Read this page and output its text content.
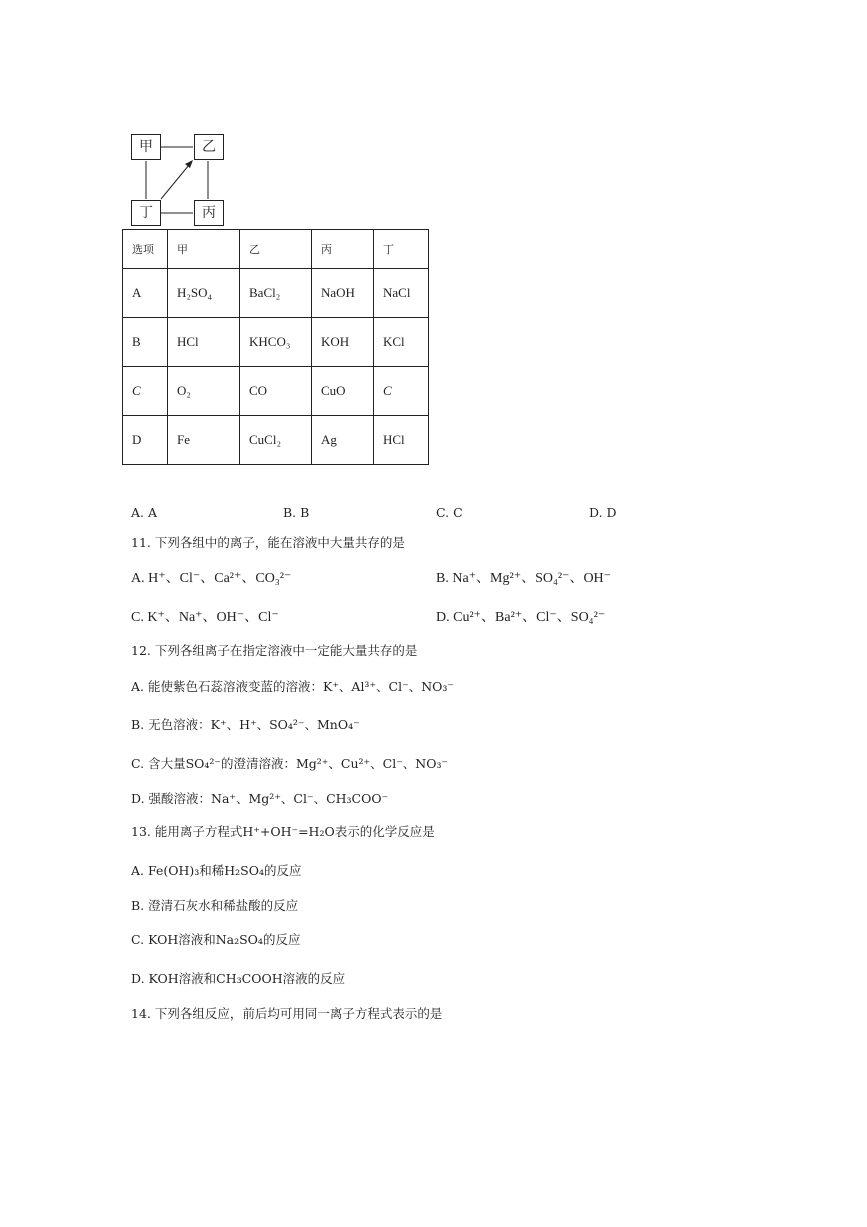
甲	乙
丁	丙
选项	甲	乙	丙	丁
A	H₂SO₄	BaCl₂	NaOH	NaCl
B	HCl	KHCO₃	KOH	KCl
C	O₂	CO	CuO	C
D	Fe	CuCl₂	Ag	HCl
A. A	B. B	C. C	D. D
11. 下列各组中的离子，能在溶液中大量共存的是
A. H⁺、Cl⁻、Ca²⁺、CO₃²⁻	B. Na⁺、Mg²⁺、SO₄²⁻、OH⁻
C. K⁺、Na⁺、OH⁻、Cl⁻	D. Cu²⁺、Ba²⁺、Cl⁻、SO₄²⁻
12. 下列各组离子在指定溶液中一定能大量共存的是
A. 能使紫色石蕊溶液变蓝的溶液：K⁺、Al³⁺、Cl⁻、NO₃⁻
B. 无色溶液：K⁺、H⁺、SO₄²⁻、MnO₄⁻
C. 含大量SO₄²⁻的澄清溶液：Mg²⁺、Cu²⁺、Cl⁻、NO₃⁻
D. 强酸溶液：Na⁺、Mg²⁺、Cl⁻、CH₃COO⁻
13. 能用离子方程式H⁺+OH⁻=H₂O表示的化学反应是
A. Fe(OH)₃和稀H₂SO₄的反应
B. 澄清石灰水和稀盐酸的反应
C. KOH溶液和Na₂SO₄的反应
D. KOH溶液和CH₃COOH溶液的反应
14. 下列各组反应，前后均可用同一离子方程式表示的是
